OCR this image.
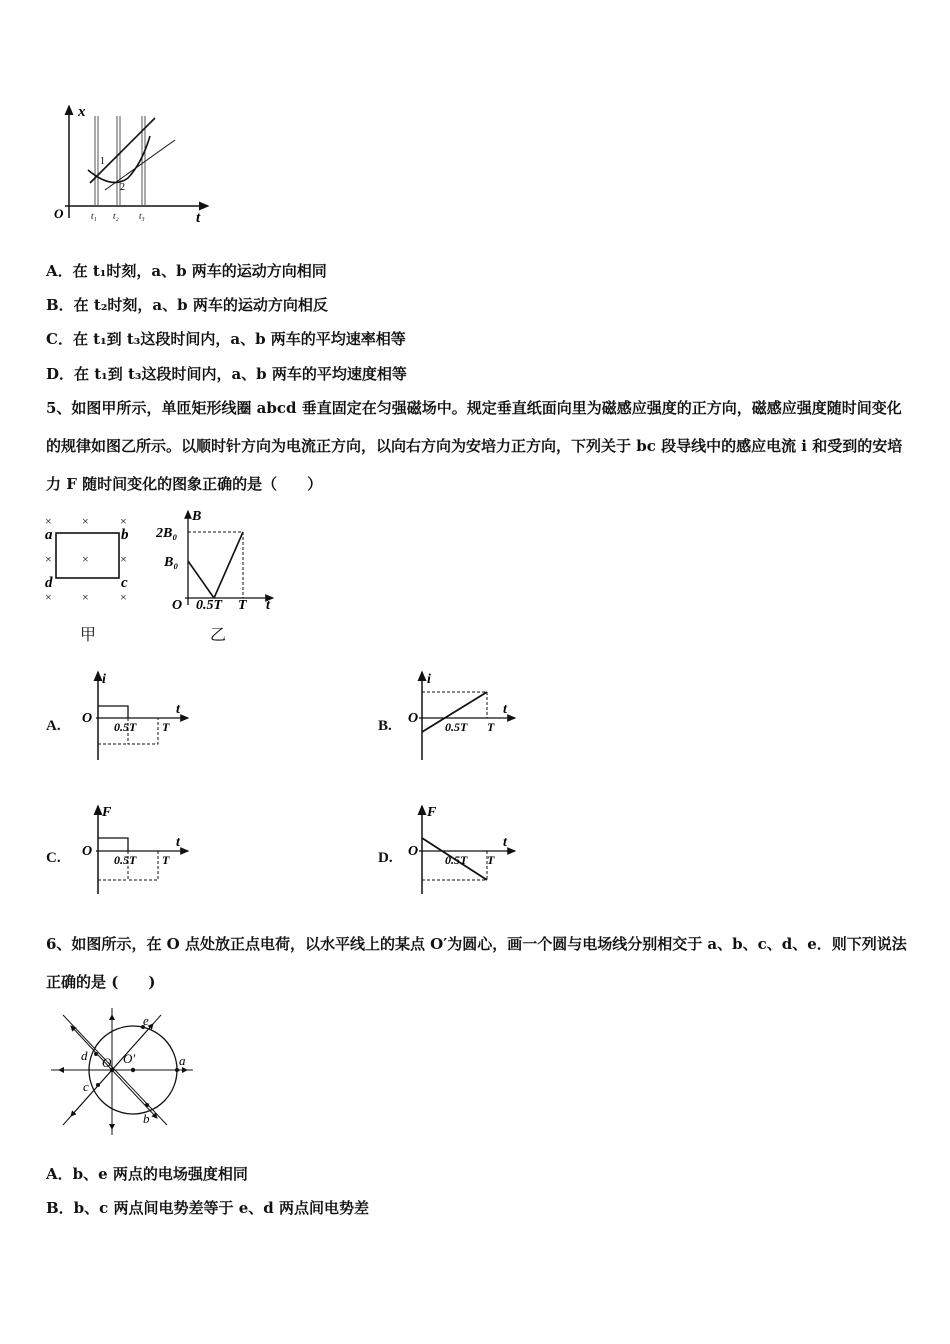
x
t
O
1
2
t₁ t₂ t₃
A．在 t₁时刻，a、b 两车的运动方向相同
B．在 t₂时刻，a、b 两车的运动方向相反
C．在 t₁到 t₃这段时间内，a、b 两车的平均速率相等
D．在 t₁到 t₃这段时间内，a、b 两车的平均速度相等
5、如图甲所示，单匝矩形线圈 abcd 垂直固定在匀强磁场中。规定垂直纸面向里为磁感应强度的正方向，磁感应强度随时间变化的规律如图乙所示。以顺时针方向为电流正方向，以向右方向为安培力正方向，下列关于 bc 段导线中的感应电流 i 和受到的安培力 F 随时间变化的图象正确的是（　　）
×	×	×
×	×	×
×	×	×
a	b
d	c
甲
B
t
O
2B₀
B₀
0.5T T
乙
A.
i
t
O
0.5T T	B.
i
t
O
0.5T T
C.
F
t
O
0.5T T	D.
F
t
O
0.5T T
6、如图所示，在 O 点处放正点电荷，以水平线上的某点 O′为圆心，画一个圆与电场线分别相交于 a、b、c、d、e．则下列说法正确的是 (　　)
O O′	a
b
c
d
e
A．b、e 两点的电场强度相同
B．b、c 两点间电势差等于 e、d 两点间电势差
